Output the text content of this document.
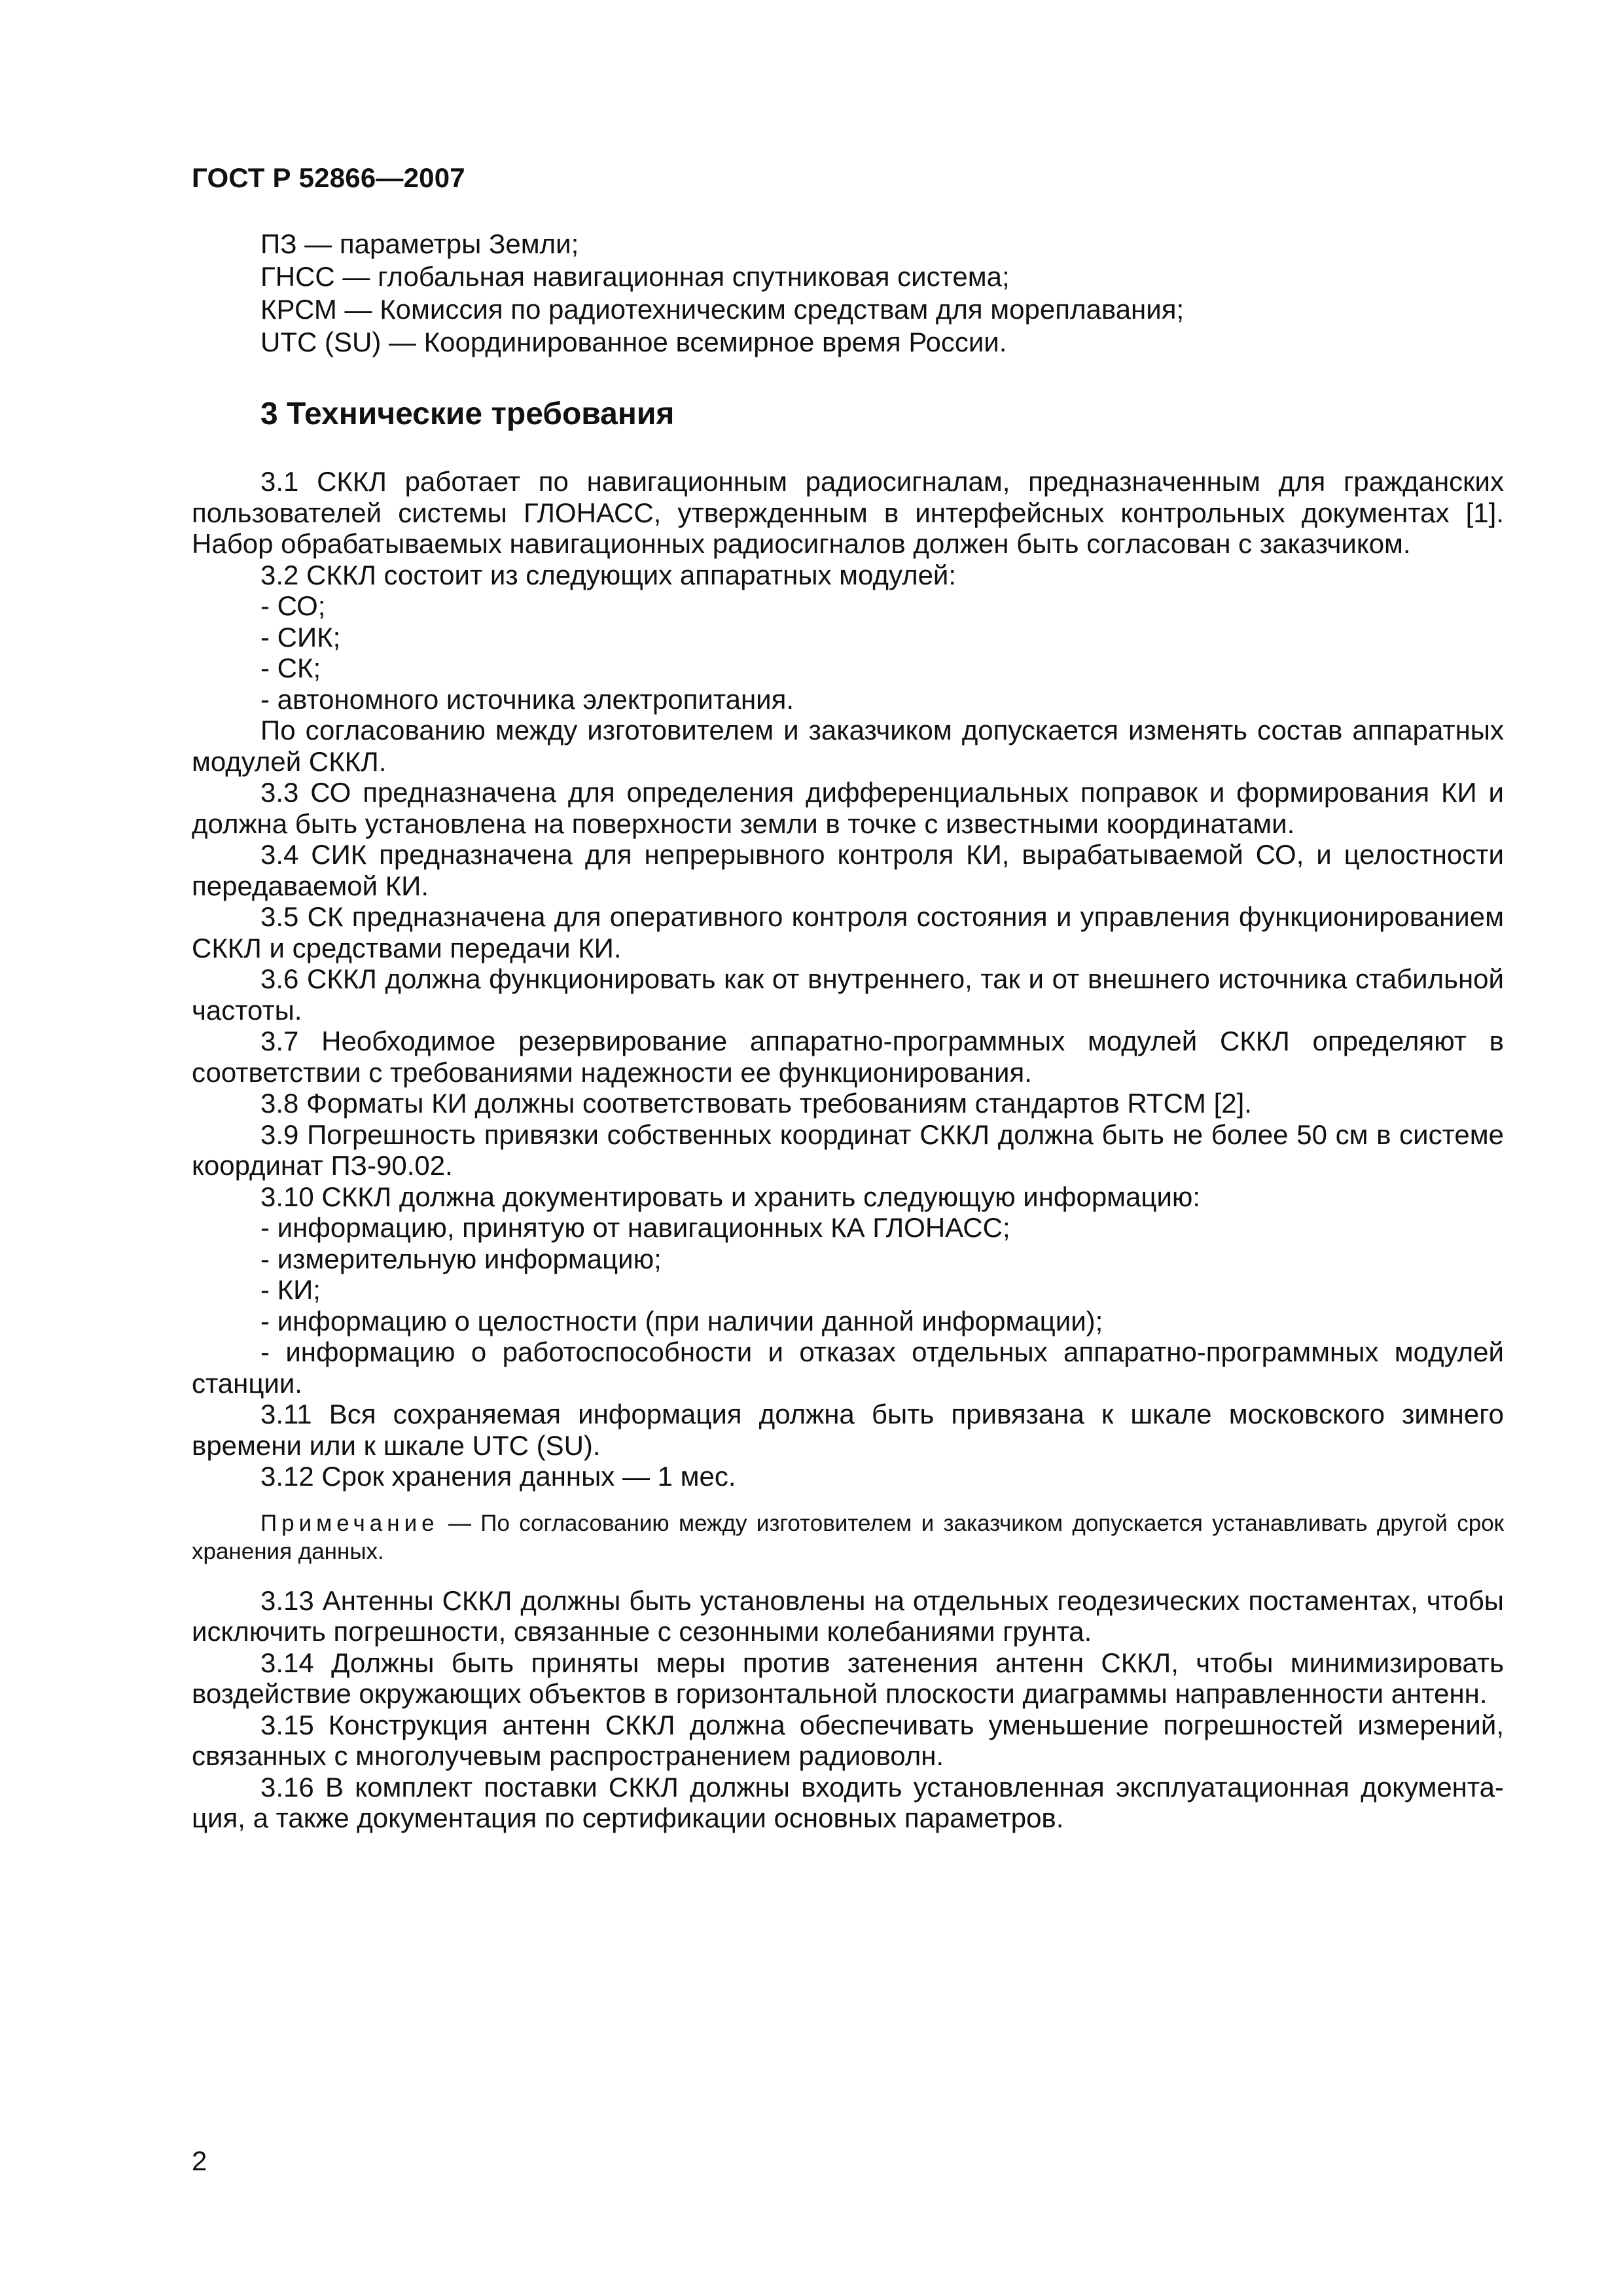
ГОСТ Р 52866—2007
ПЗ — параметры Земли;
ГНСС — глобальная навигационная спутниковая система;
КРСМ — Комиссия по радиотехническим средствам для мореплавания;
UTC (SU) — Координированное всемирное время России.
3 Технические требования

3.1 СККЛ работает по навигационным радиосигналам, предназначенным для гражданских пользователей системы ГЛОНАСС, утвержденным в интерфейсных контрольных документах [1]. Набор обрабатываемых навигационных радиосигналов должен быть согласован с заказчиком.

3.2 СККЛ состоит из следующих аппаратных модулей:

- СО;

- СИК;

- СК;

- автономного источника электропитания.

По согласованию между изготовителем и заказчиком допускается изменять состав аппаратных модулей СККЛ.

3.3 СО предназначена для определения дифференциальных поправок и формирования КИ и должна быть установлена на поверхности земли в точке с известными координатами.

3.4 СИК предназначена для непрерывного контроля КИ, вырабатываемой СО, и целостности передаваемой КИ.

3.5 СК предназначена для оперативного контроля состояния и управления функционированием СККЛ и средствами передачи КИ.

3.6 СККЛ должна функционировать как от внутреннего, так и от внешнего источника стабильной частоты.

3.7 Необходимое резервирование аппаратно-программных модулей СККЛ определяют в соответствии с требованиями надежности ее функционирования.

3.8 Форматы КИ должны соответствовать требованиям стандартов RTCM [2].

3.9 Погрешность привязки собственных координат СККЛ должна быть не более 50 см в системе координат ПЗ-90.02.

3.10 СККЛ должна документировать и хранить следующую информацию:

- информацию, принятую от навигационных КА ГЛОНАСС;

- измерительную информацию;

- КИ;

- информацию о целостности (при наличии данной информации);

- информацию о работоспособности и отказах отдельных аппаратно-программных модулей станции.

3.11 Вся сохраняемая информация должна быть привязана к шкале московского зимнего времени или к шкале UTC (SU).

3.12 Срок хранения данных — 1 мес.

Примечание — По согласованию между изготовителем и заказчиком допускается устанавливать другой срок хранения данных.

3.13 Антенны СККЛ должны быть установлены на отдельных геодезических постаментах, чтобы исключить погрешности, связанные с сезонными колебаниями грунта.

3.14 Должны быть приняты меры против затенения антенн СККЛ, чтобы минимизировать воздействие окружающих объектов в горизонтальной плоскости диаграммы направленности антенн.

3.15 Конструкция антенн СККЛ должна обеспечивать уменьшение погрешностей измерений, связанных с многолучевым распространением радиоволн.

3.16 В комплект поставки СККЛ должны входить установленная эксплуатационная документация, а также документация по сертификации основных параметров.

2
